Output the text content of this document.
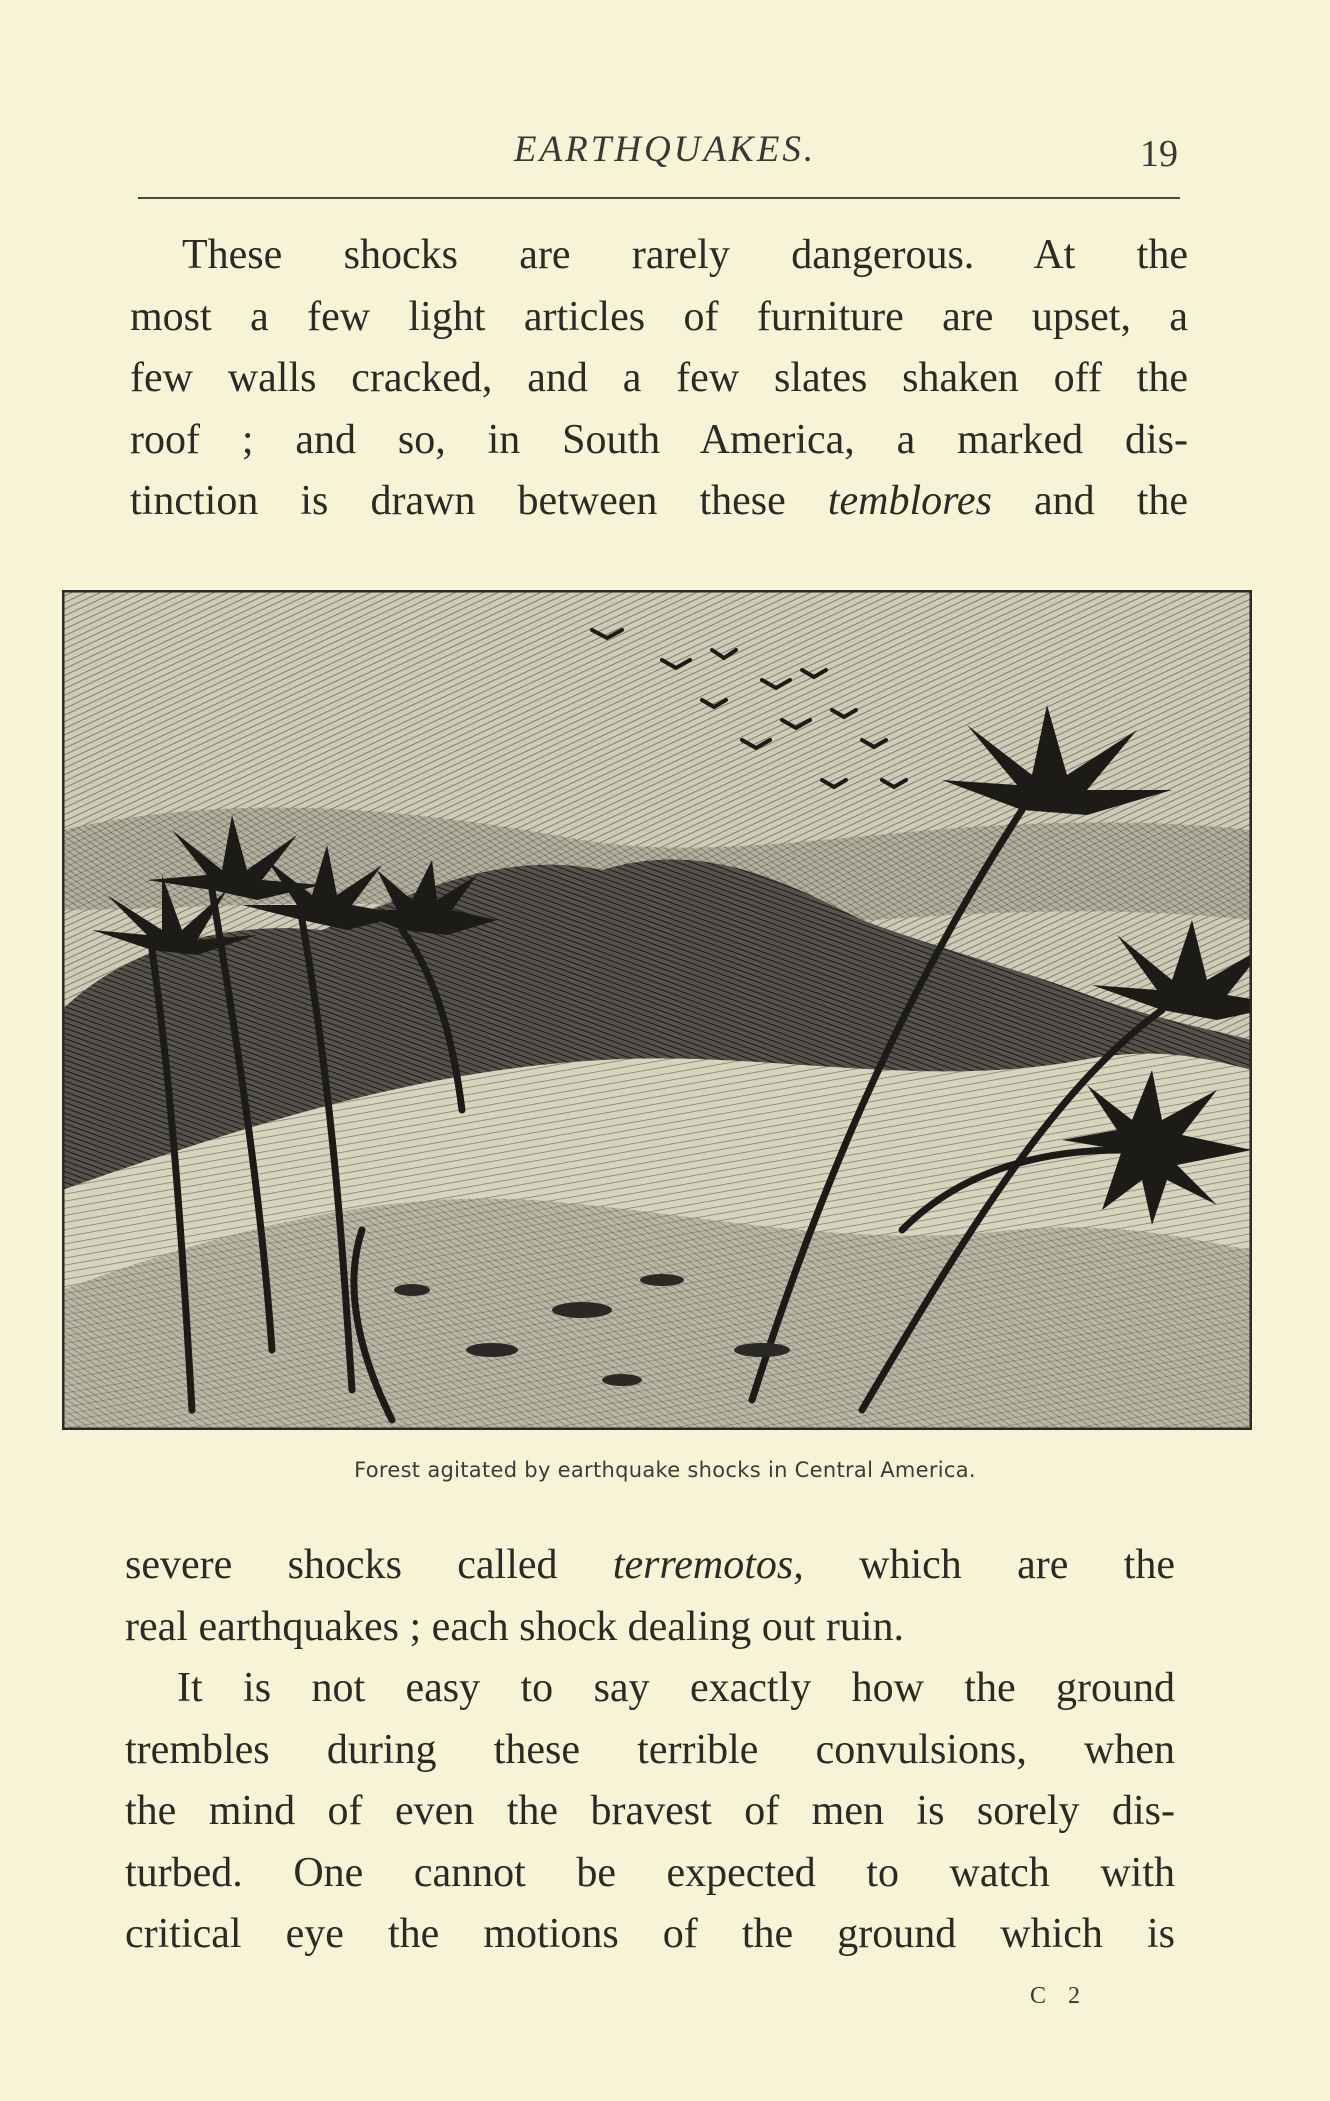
EARTHQUAKES.	19
These shocks are rarely dangerous. At the
most a few light articles of furniture are upset, a
few walls cracked, and a few slates shaken off the
roof ; and so, in South America, a marked dis-
tinction is drawn between these temblores and the
Forest agitated by earthquake shocks in Central America.
severe shocks called terremotos, which are the
real earthquakes ; each shock dealing out ruin.
It is not easy to say exactly how the ground
trembles during these terrible convulsions, when
the mind of even the bravest of men is sorely dis-
turbed. One cannot be expected to watch with
critical eye the motions of the ground which is
C 2
